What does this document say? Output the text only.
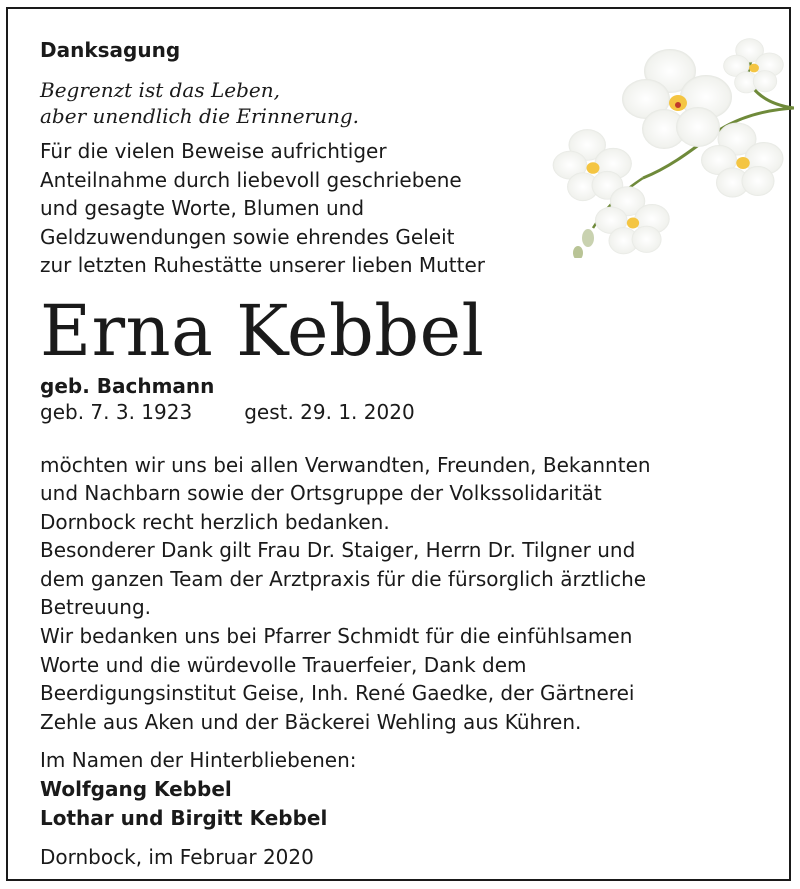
Danksagung

Begrenzt ist das Leben,

aber unendlich die Erinnerung.

Für die vielen Beweise aufrichtiger
Anteilnahme durch liebevoll geschriebene
und gesagte Worte, Blumen und
Geldzuwendungen sowie ehrendes Geleit
zur letzten Ruhestätte unserer lieben Mutter
Erna Kebbel
geb. Bachmann
geb. 7. 3. 1923	gest. 29. 1. 2020

möchten wir uns bei allen Verwandten, Freunden, Bekannten

und Nachbarn sowie der Ortsgruppe der Volkssolidarität

Dornbock recht herzlich bedanken.

Besonderer Dank gilt Frau Dr. Staiger, Herrn Dr. Tilgner und

dem ganzen Team der Arztpraxis für die fürsorglich ärztliche

Betreuung.

Wir bedanken uns bei Pfarrer Schmidt für die einfühlsamen

Worte und die würdevolle Trauerfeier, Dank dem

Beerdigungsinstitut Geise, Inh. René Gaedke, der Gärtnerei

Zehle aus Aken und der Bäckerei Wehling aus Kühren.

Im Namen der Hinterbliebenen:
Wolfgang Kebbel
Lothar und Birgitt Kebbel
Dornbock, im Februar 2020
